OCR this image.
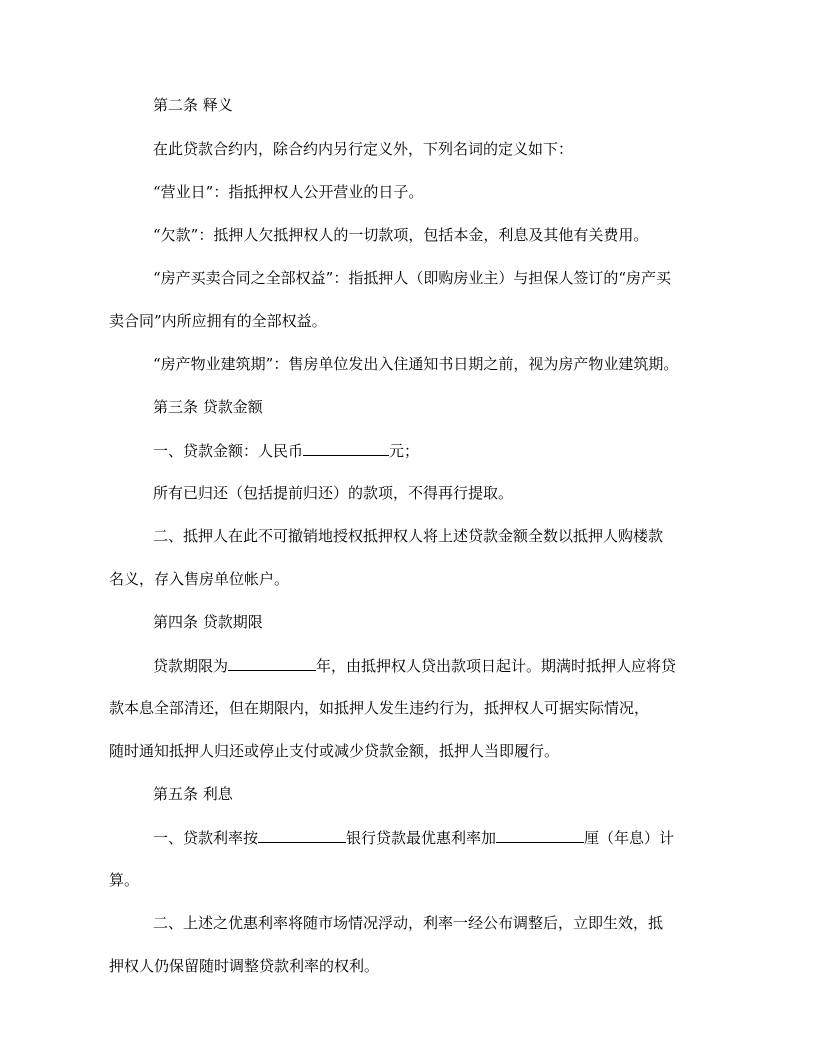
第二条 释义
在此贷款合约内，除合约内另行定义外，下列名词的定义如下：
“营业日”：指抵押权人公开营业的日子。
“欠款”：抵押人欠抵押权人的一切款项，包括本金，利息及其他有关费用。
“房产买卖合同之全部权益”：指抵押人（即购房业主）与担保人签订的“房产买
卖合同”内所应拥有的全部权益。
“房产物业建筑期”：售房单位发出入住通知书日期之前，视为房产物业建筑期。
第三条 贷款金额
一、贷款金额：人民币	元；
所有已归还（包括提前归还）的款项，不得再行提取。
二、抵押人在此不可撤销地授权抵押权人将上述贷款金额全数以抵押人购楼款
名义，存入售房单位帐户。
第四条 贷款期限
贷款期限为	年，由抵押权人贷出款项日起计。期满时抵押人应将贷
款本息全部清还，但在期限内，如抵押人发生违约行为，抵押权人可据实际情况，
随时通知抵押人归还或停止支付或减少贷款金额，抵押人当即履行。
第五条 利息
一、贷款利率按	银行贷款最优惠利率加	厘（年息）计
算。
二、上述之优惠利率将随市场情况浮动，利率一经公布调整后，立即生效，抵
押权人仍保留随时调整贷款利率的权利。
